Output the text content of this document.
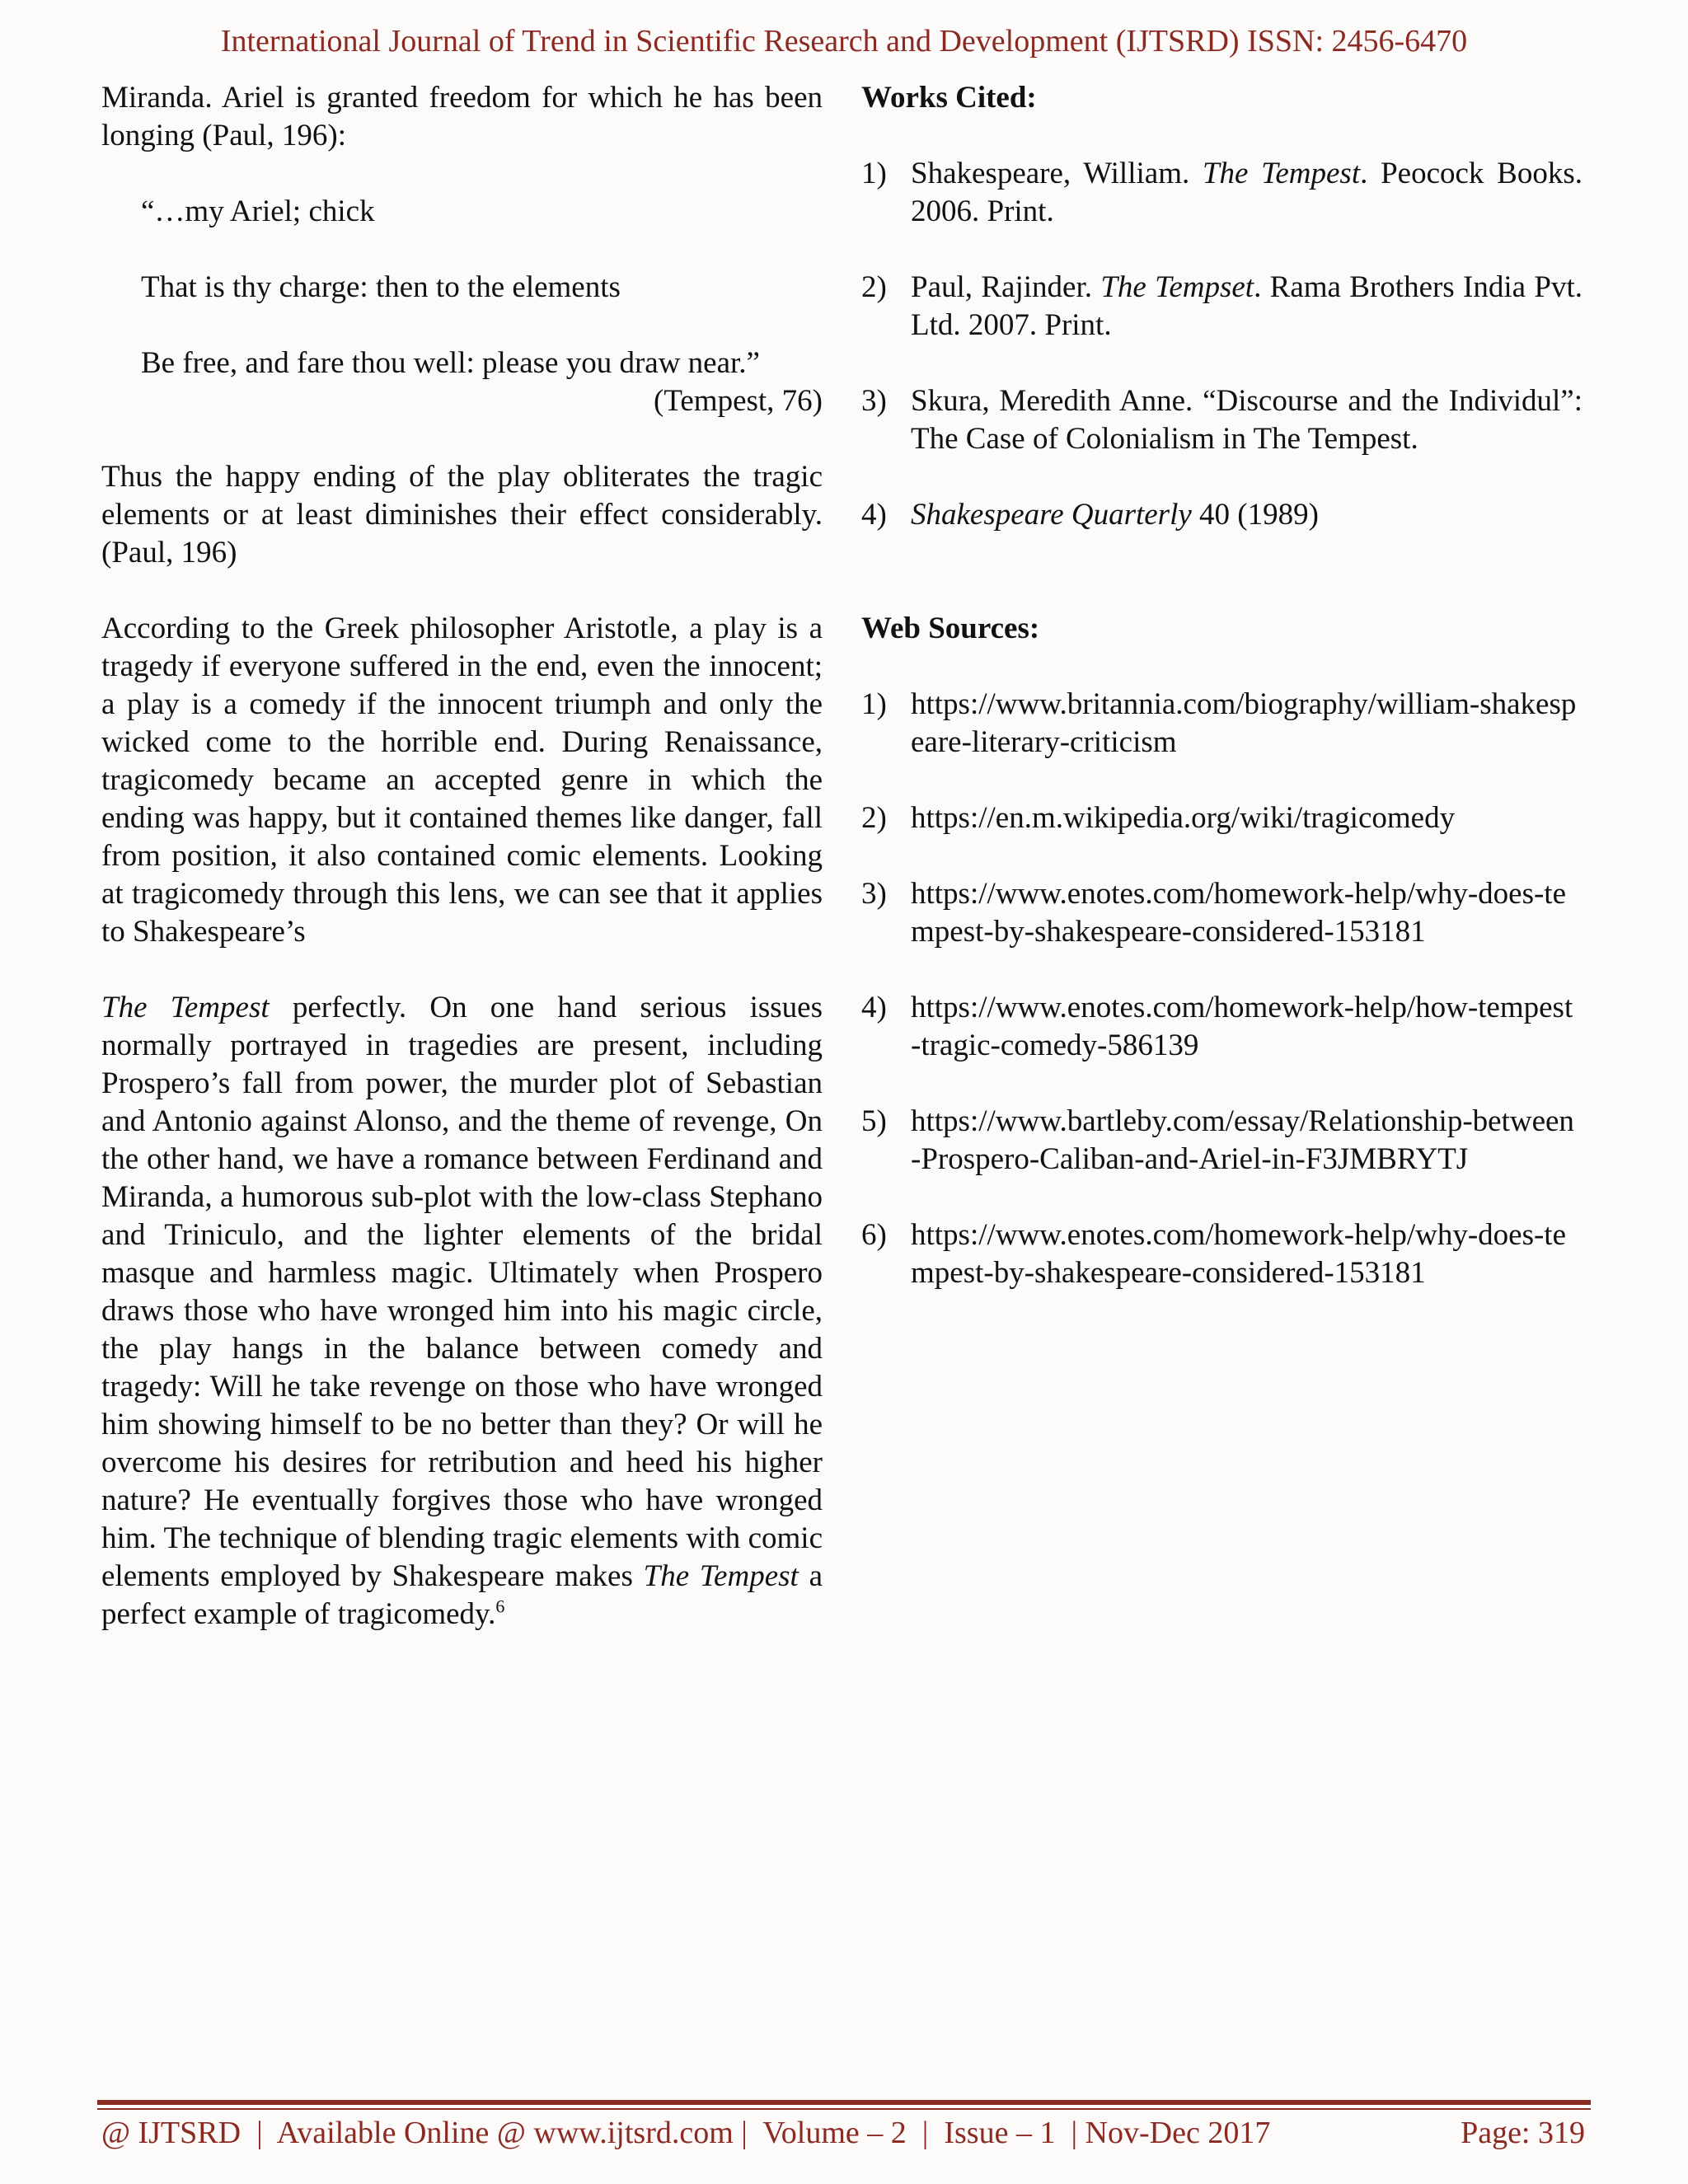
International Journal of Trend in Scientific Research and Development (IJTSRD) ISSN: 2456-6470

Miranda. Ariel is granted freedom for which he has been longing (Paul, 196):

“…my Ariel; chick
That is thy charge: then to the elements
Be free, and fare thou well: please you draw near.”
(Tempest, 76)

Thus the happy ending of the play obliterates the tragic elements or at least diminishes their effect considerably. (Paul, 196)

According to the Greek philosopher Aristotle, a play is a tragedy if everyone suffered in the end, even the innocent; a play is a comedy if the innocent triumph and only the wicked come to the horrible end. During Renaissance, tragicomedy became an accepted genre in which the ending was happy, but it contained themes like danger, fall from position, it also contained comic elements. Looking at tragicomedy through this lens, we can see that it applies to Shakespeare’s

The Tempest perfectly. On one hand serious issues normally portrayed in tragedies are present, including Prospero’s fall from power, the murder plot of Sebastian and Antonio against Alonso, and the theme of revenge, On the other hand, we have a romance between Ferdinand and Miranda, a humorous sub-plot with the low-class Stephano and Triniculo, and the lighter elements of the bridal masque and harmless magic. Ultimately when Prospero draws those who have wronged him into his magic circle, the play hangs in the balance between comedy and tragedy: Will he take revenge on those who have wronged him showing himself to be no better than they? Or will he overcome his desires for retribution and heed his higher nature? He eventually forgives those who have wronged him. The technique of blending tragic elements with comic elements employed by Shakespeare makes The Tempest a perfect example of tragicomedy.$^6$

Works Cited:
1) Shakespeare, William. The Tempest. Peocock Books. 2006. Print.
2) Paul, Rajinder. The Tempset. Rama Brothers India Pvt. Ltd. 2007. Print.
3) Skura, Meredith Anne. “Discourse and the Individul”: The Case of Colonialism in The Tempest.
4) Shakespeare Quarterly 40 (1989)
Web Sources:
1) https://www.britannia.com/biography/william-shakespeare-literary-criticism
2) https://en.m.wikipedia.org/wiki/tragicomedy
3) https://www.enotes.com/homework-help/why-does-tempest-by-shakespeare-considered-153181
4) https://www.enotes.com/homework-help/how-tempest-tragic-comedy-586139
5) https://www.bartleby.com/essay/Relationship-between-Prospero-Caliban-and-Ariel-in-F3JMBRYTJ
6) https://www.enotes.com/homework-help/why-does-tempest-by-shakespeare-considered-153181
@ IJTSRD  |  Available Online @ www.ijtsrd.com |  Volume – 2  |  Issue – 1  | Nov-Dec 2017	Page: 319
